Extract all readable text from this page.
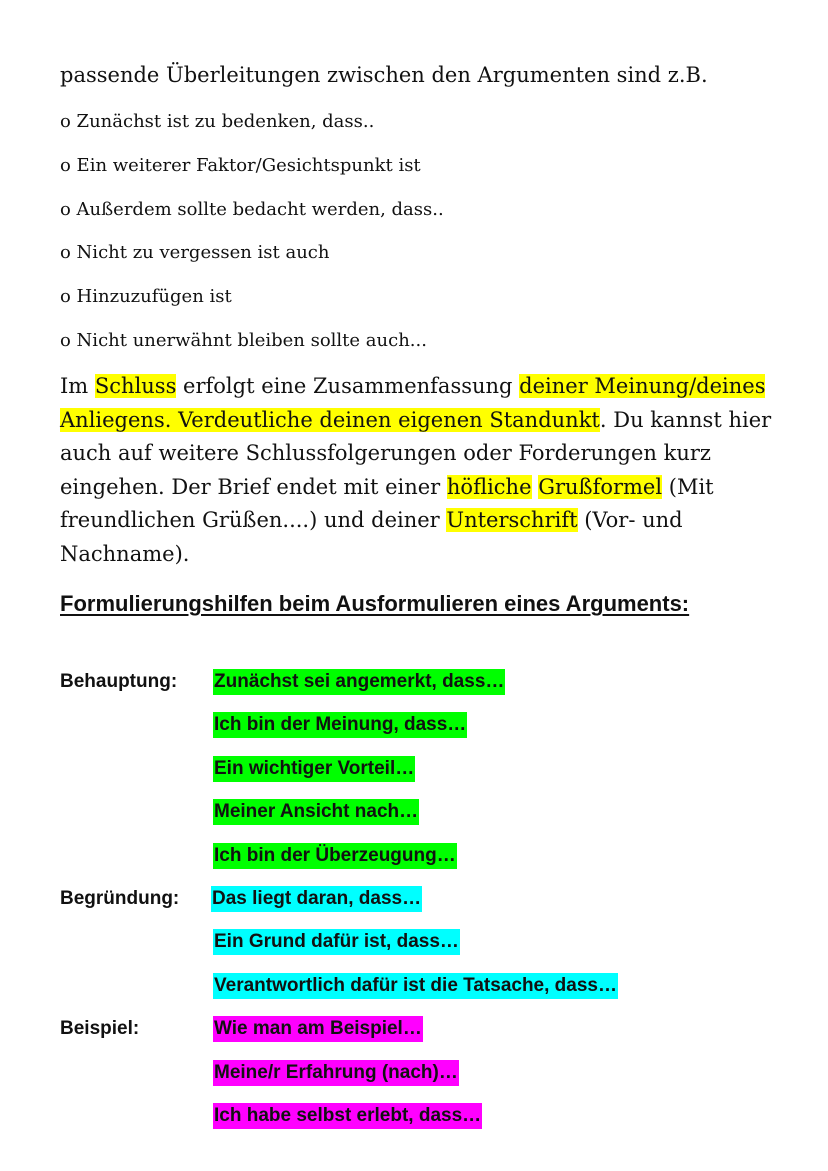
passende Überleitungen zwischen den Argumenten sind z.B.
o Zunächst ist zu bedenken, dass..
o Ein weiterer Faktor/Gesichtspunkt ist
o Außerdem sollte bedacht werden, dass..
o Nicht zu vergessen ist auch
o Hinzuzufügen ist
o Nicht unerwähnt bleiben sollte auch...
Im Schluss erfolgt eine Zusammenfassung deiner Meinung/deines Anliegens. Verdeutliche deinen eigenen Standunkt. Du kannst hier auch auf weitere Schlussfolgerungen oder Forderungen kurz eingehen. Der Brief endet mit einer höfliche Grußformel (Mit freundlichen Grüßen....) und deiner Unterschrift (Vor- und Nachname).
Formulierungshilfen beim Ausformulieren eines Arguments:
Behauptung: Zunächst sei angemerkt, dass…
Ich bin der Meinung, dass…
Ein wichtiger Vorteil…
Meiner Ansicht nach…
Ich bin der Überzeugung…
Begründung: Das liegt daran, dass…
Ein Grund dafür ist, dass…
Verantwortlich dafür ist die Tatsache, dass…
Beispiel:	Wie man am Beispiel…
Meine/r Erfahrung (nach)…
Ich habe selbst erlebt, dass…
